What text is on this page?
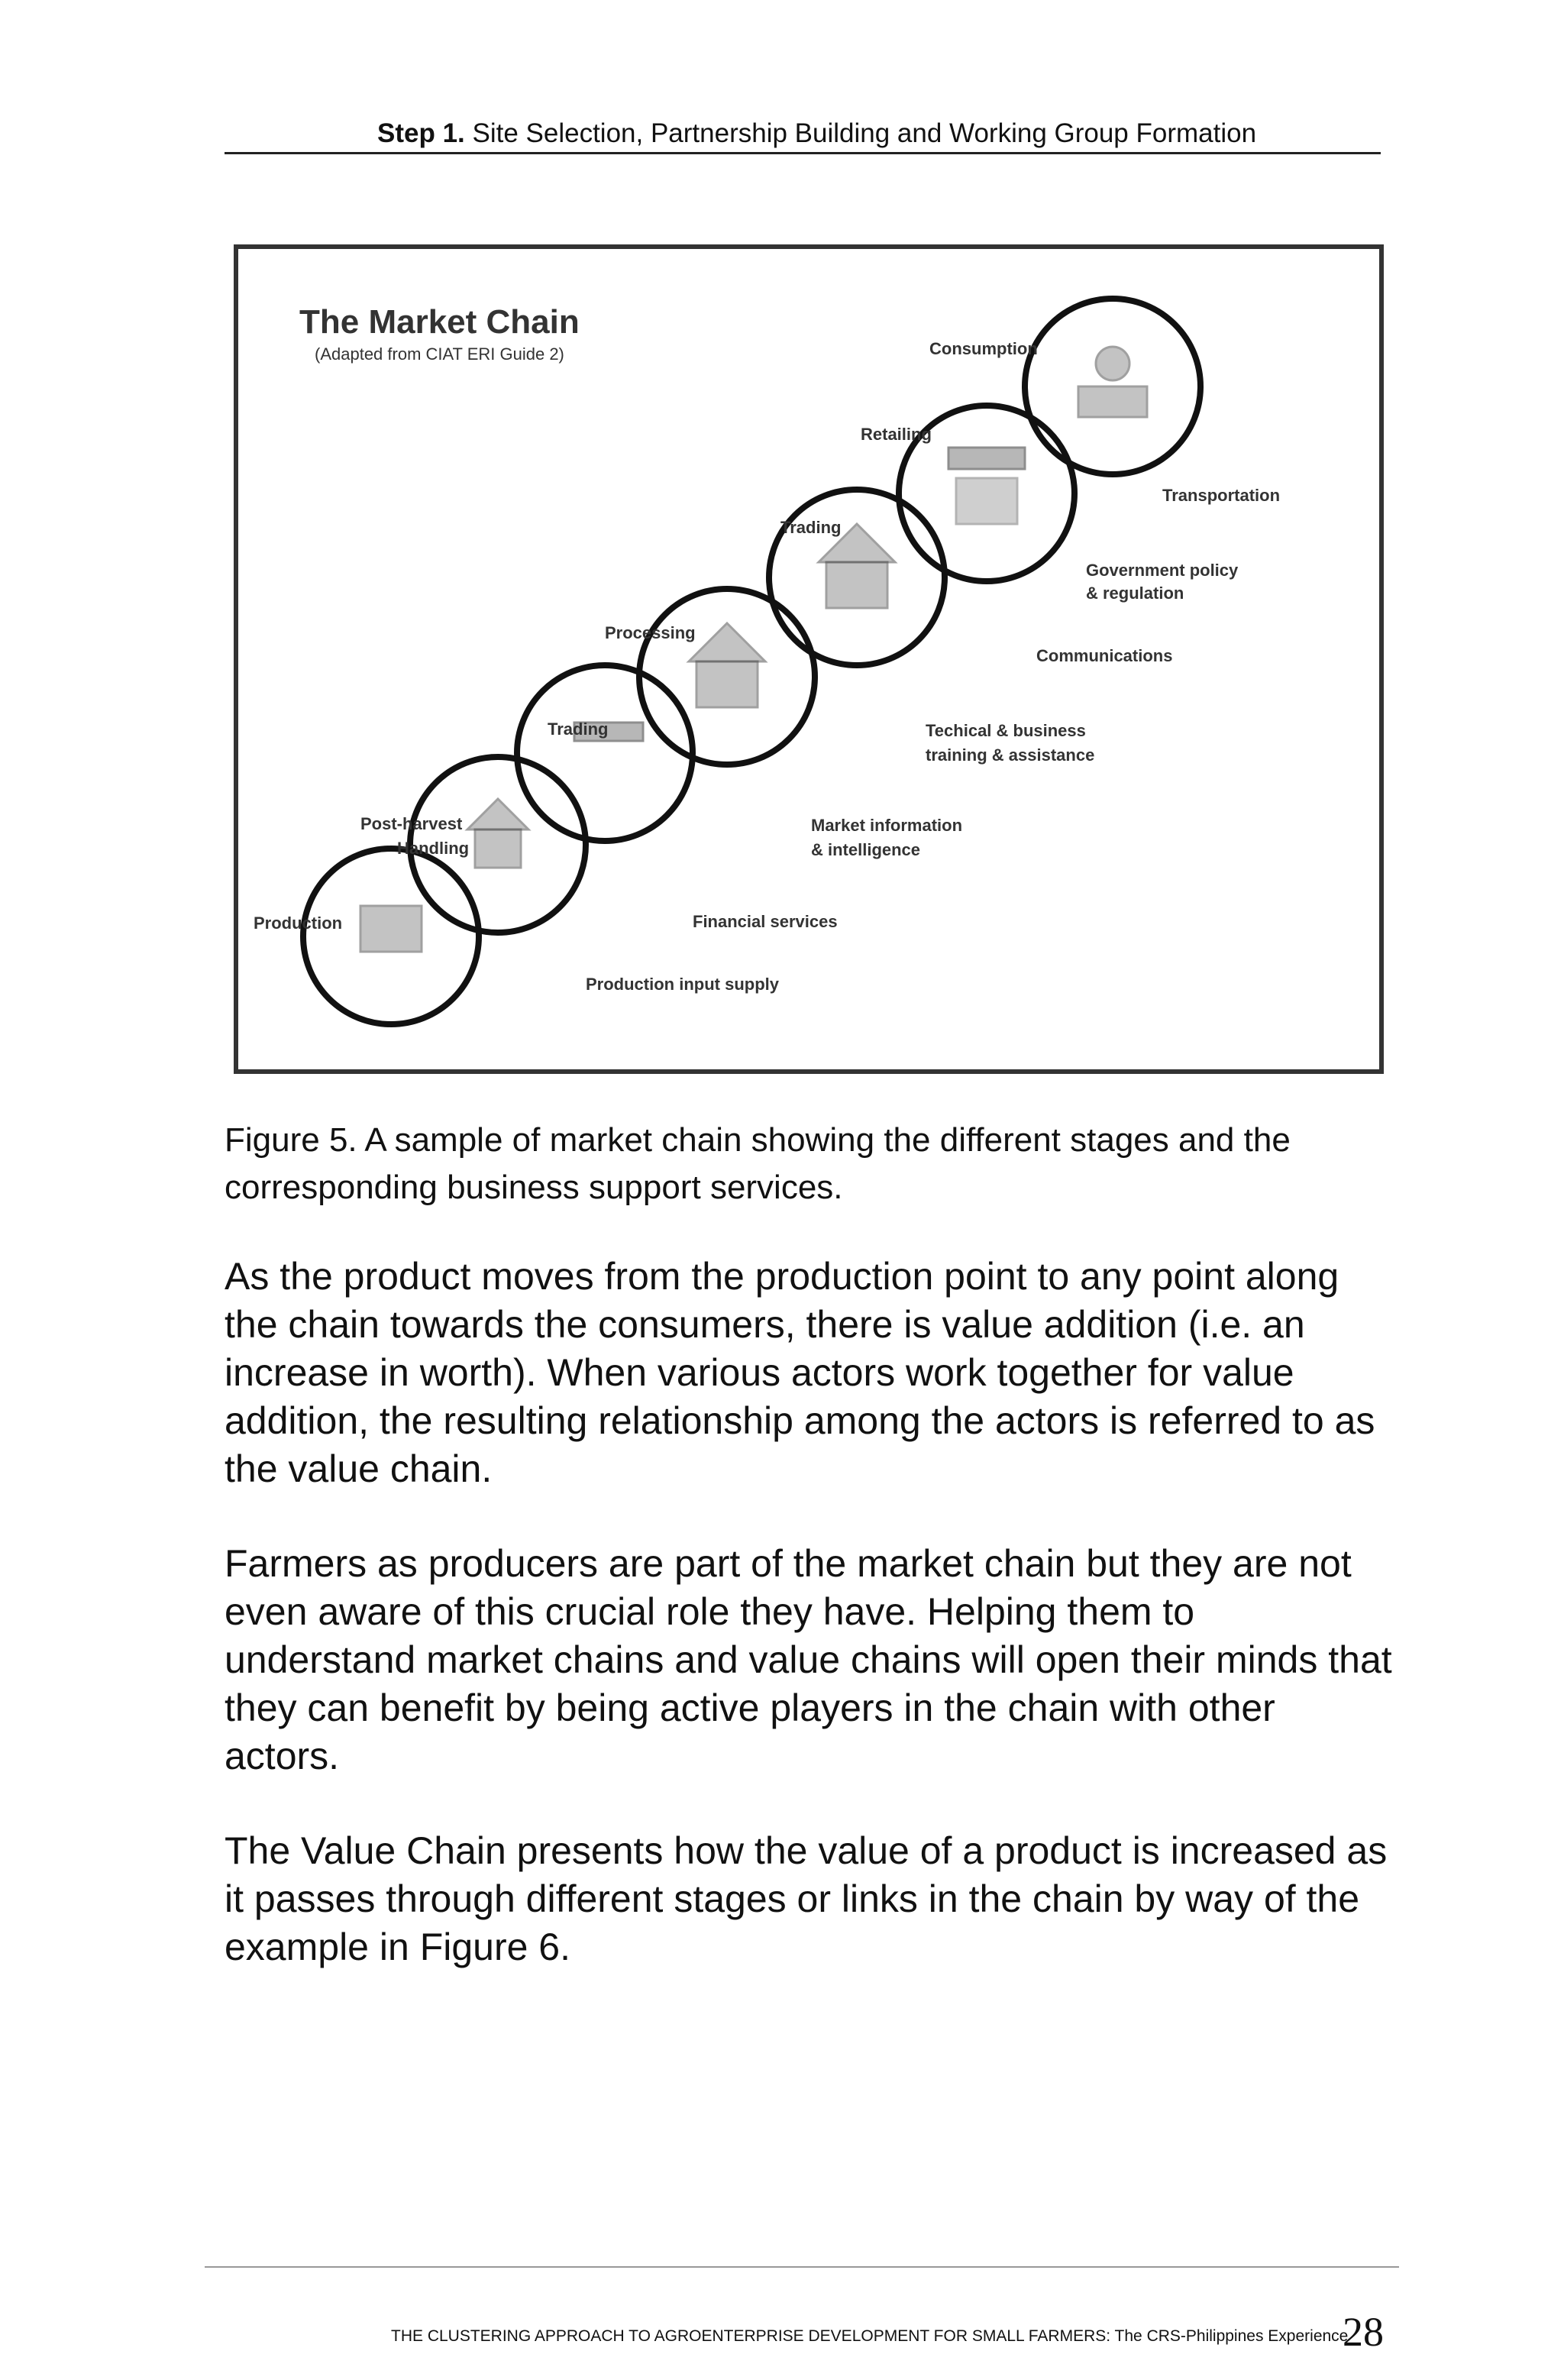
Step 1. Site Selection, Partnership Building and Working Group Formation
The Market Chain
(Adapted from CIAT ERI Guide 2)
Production
Post-harvest
Handling
Trading
Processing
Trading
Retailing
Consumption
Production input supply
Financial services
Market information
& intelligence
Techical & business
training & assistance
Communications
Government policy
& regulation
Transportation
Figure 5. A sample of market chain showing the different stages and the corresponding business support services.
As the product moves from the production point to any point along the chain towards the consumers, there is value addition (i.e. an increase in worth). When various actors work together for value addition, the resulting relationship among the actors is referred to as the value chain.
Farmers as producers are part of the market chain but they are not even aware of this crucial role they have. Helping them to understand market chains and value chains will open their minds that they can benefit by being active players in the chain with other actors.
The Value Chain presents how the value of a product is increased as it passes through different stages or links in the chain by way of the example in Figure 6.
THE CLUSTERING APPROACH TO AGROENTERPRISE DEVELOPMENT FOR SMALL FARMERS: The CRS-Philippines Experience
28
